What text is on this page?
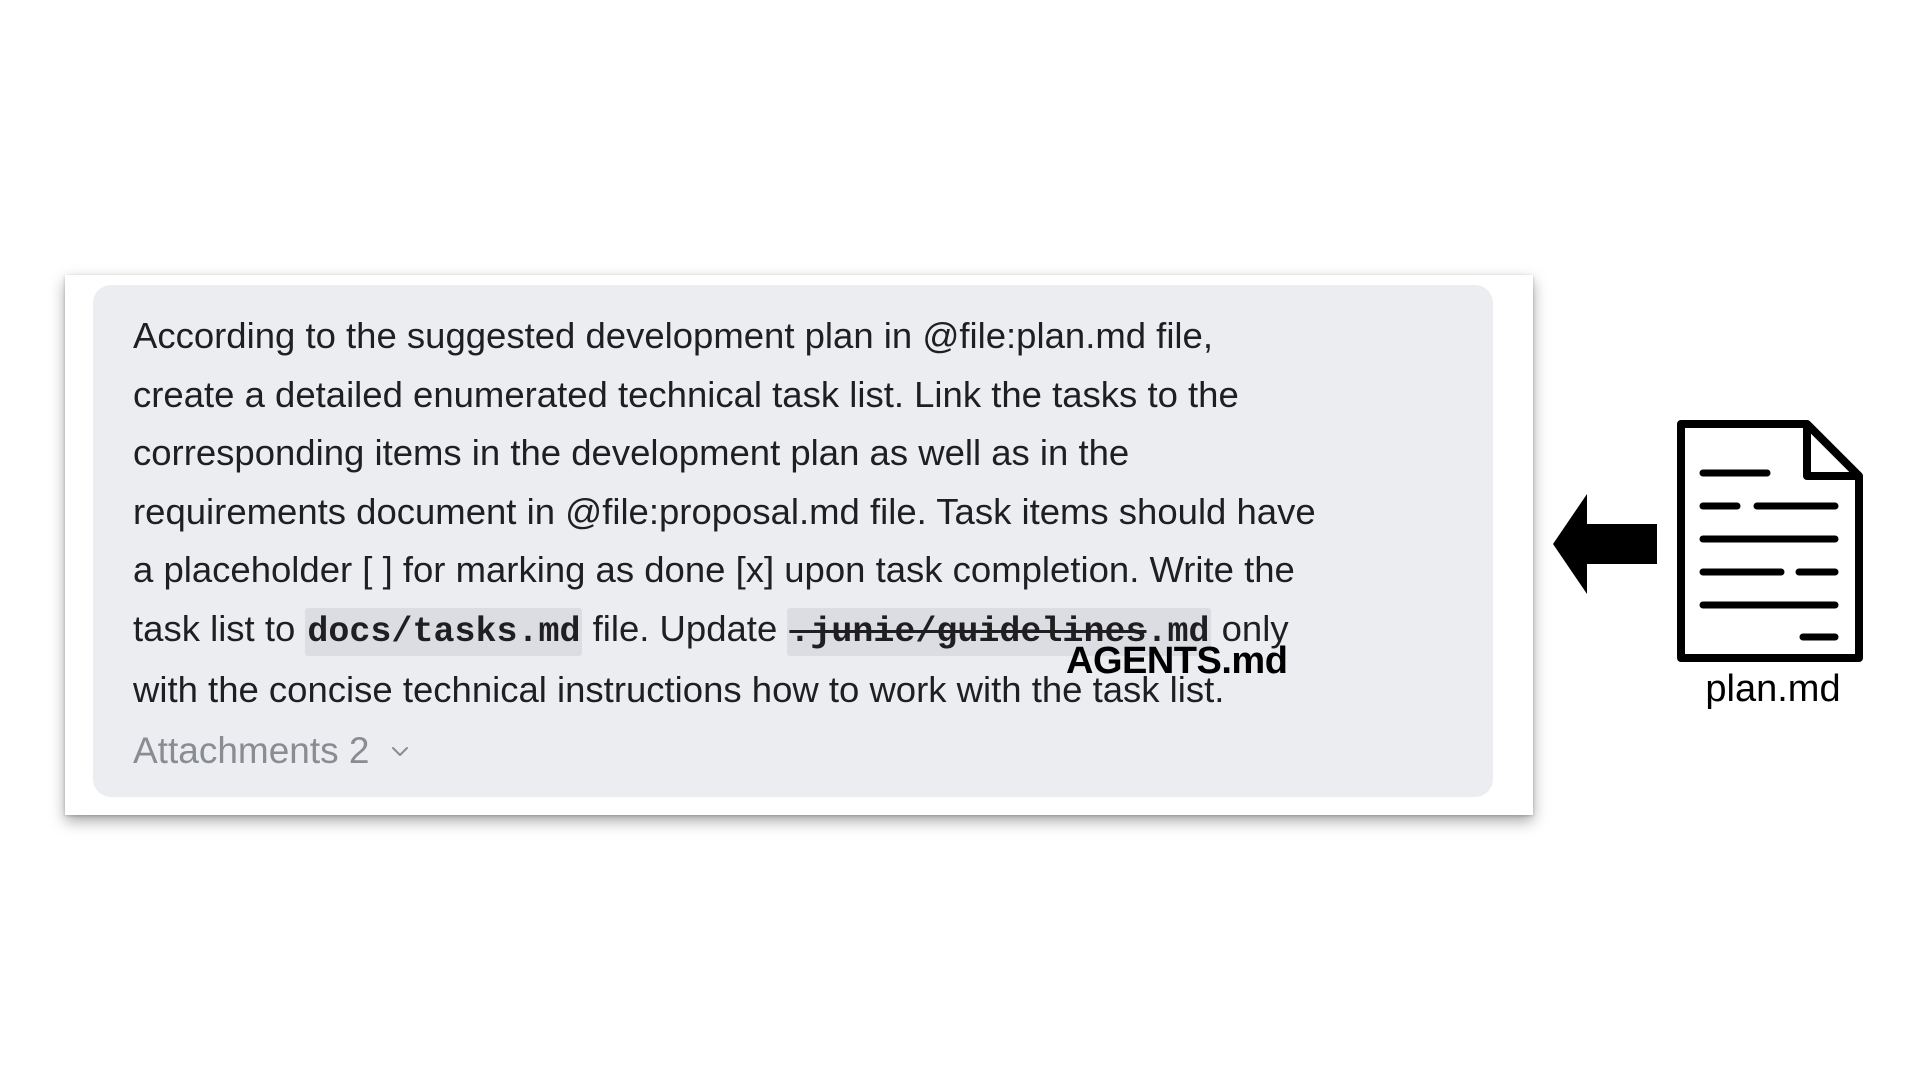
According to the suggested development plan in @file:plan.md file,
create a detailed enumerated technical task list. Link the tasks to the
corresponding items in the development plan as well as in the
requirements document in @file:proposal.md file. Task items should have
a placeholder [ ] for marking as done [x] upon task completion. Write the
task list to docs/tasks.md file. Update .junie/guidelines.md only
with the concise technical instructions how to work with the task list.
AGENTS.md
Attachments 2
plan.md
